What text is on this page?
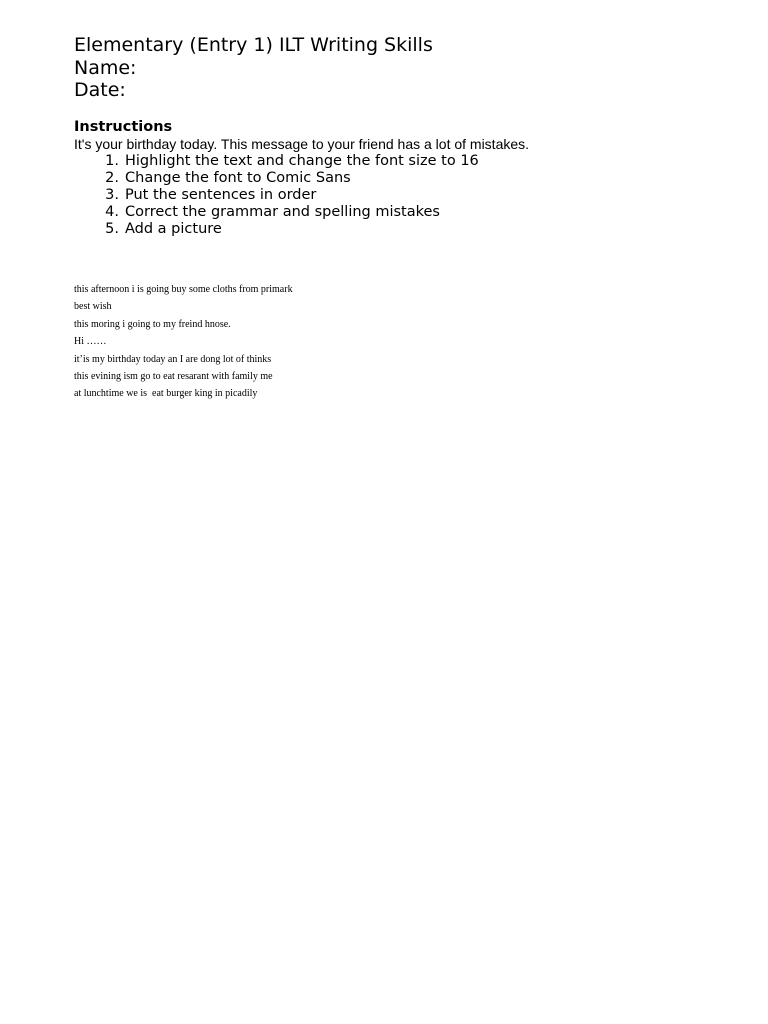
Elementary (Entry 1) ILT Writing Skills
Name:
Date:
Instructions
It's your birthday today. This message to your friend has a lot of mistakes.
1. Highlight the text and change the font size to 16
2. Change the font to Comic Sans
3. Put the sentences in order
4. Correct the grammar and spelling mistakes
5. Add a picture
this afternoon i is going buy some cloths from primark
best wish
this moring i going to my freind hnose.
Hi ……
it’is my birthday today an I are dong lot of thinks
this evining ism go to eat resarant with family me
at lunchtime we is  eat burger king in picadily
